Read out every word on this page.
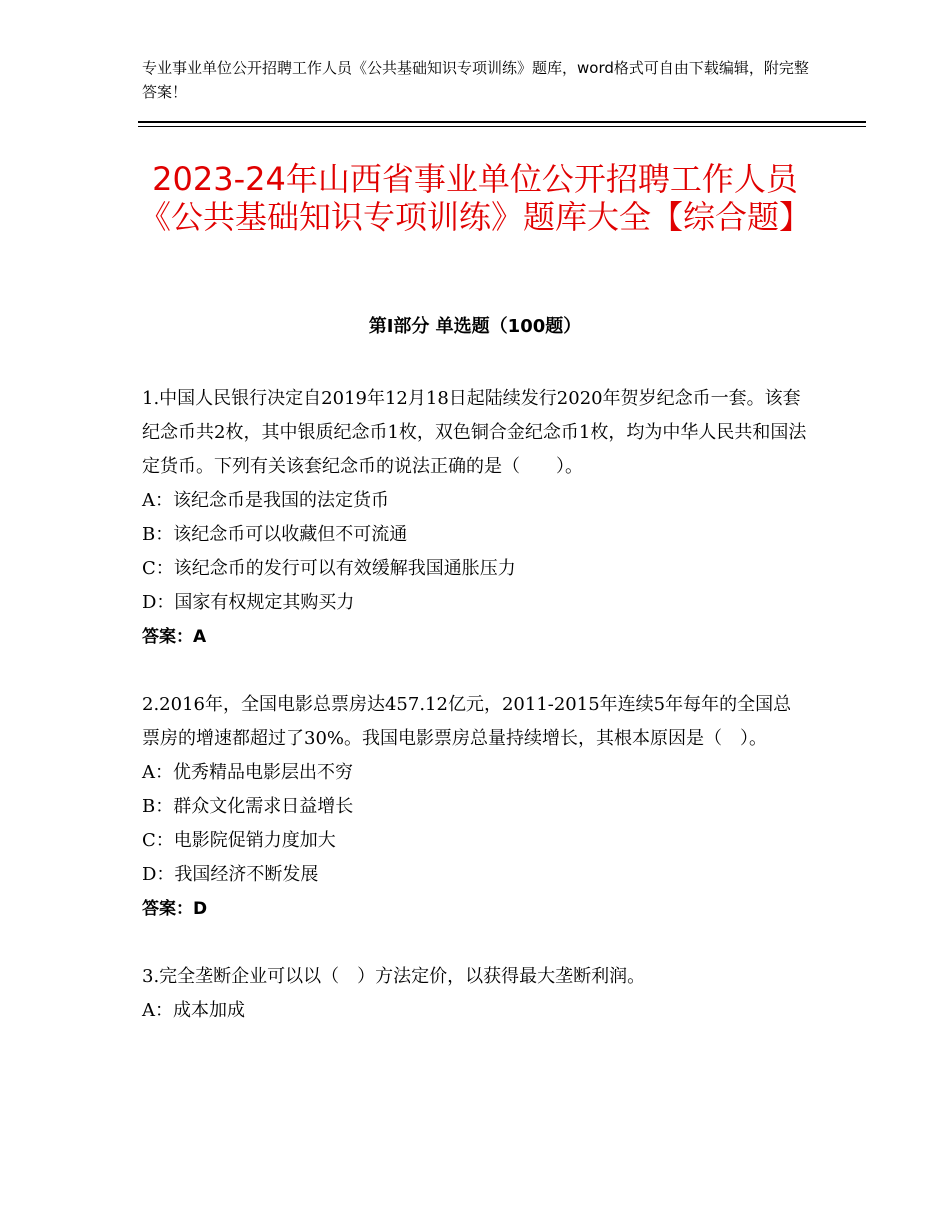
专业事业单位公开招聘工作人员《公共基础知识专项训练》题库，word格式可自由下载编辑，附完整答案！
2023-24年山西省事业单位公开招聘工作人员《公共基础知识专项训练》题库大全【综合题】
第Ⅰ部分 单选题（100题）

1.中国人民银行决定自2019年12月18日起陆续发行2020年贺岁纪念币一套。该套纪念币共2枚，其中银质纪念币1枚，双色铜合金纪念币1枚，均为中华人民共和国法定货币。下列有关该套纪念币的说法正确的是（　　）。

A：该纪念币是我国的法定货币

B：该纪念币可以收藏但不可流通

C：该纪念币的发行可以有效缓解我国通胀压力

D：国家有权规定其购买力

答案：A

2.2016年，全国电影总票房达457.12亿元，2011-2015年连续5年每年的全国总票房的增速都超过了30%。我国电影票房总量持续增长，其根本原因是（　）。

A：优秀精品电影层出不穷

B：群众文化需求日益增长

C：电影院促销力度加大

D：我国经济不断发展

答案：D

3.完全垄断企业可以以（　）方法定价，以获得最大垄断利润。

A：成本加成
